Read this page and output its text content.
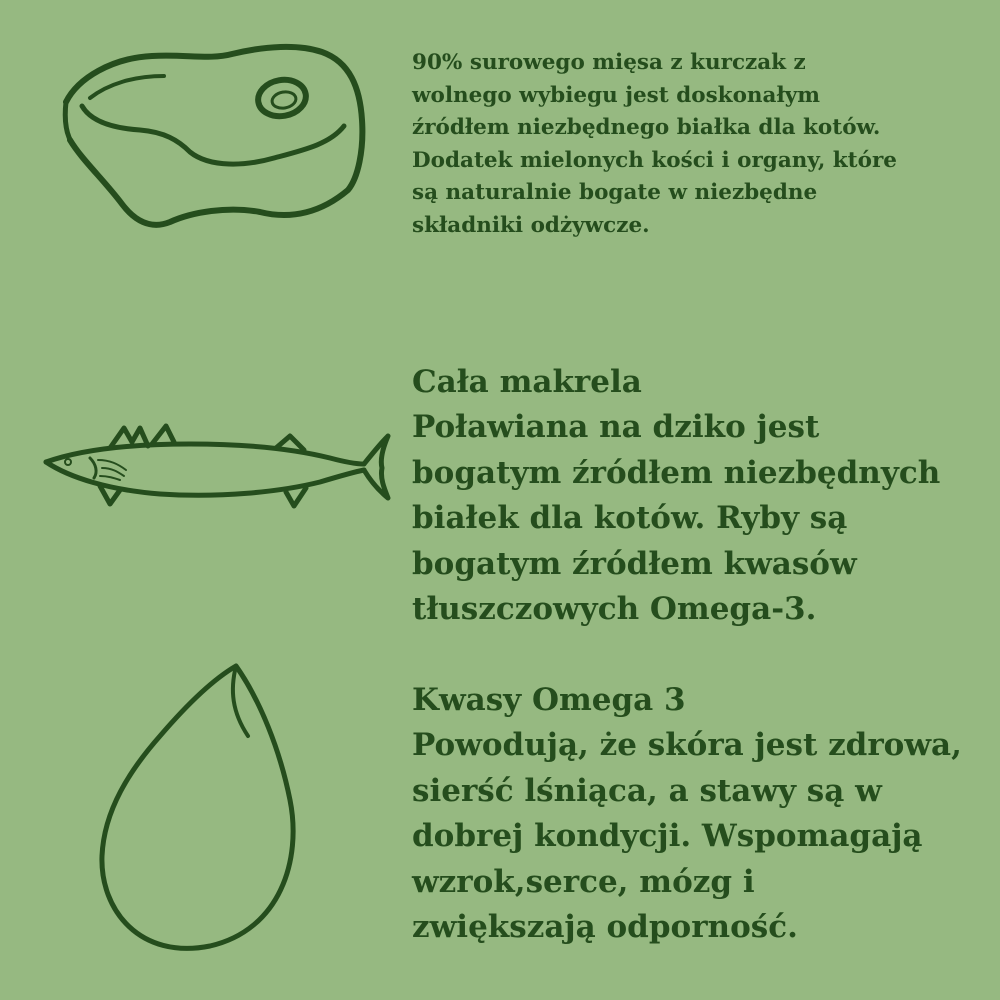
90% surowego mięsa z kurczak z

wolnego wybiegu jest doskonałym

źródłem niezbędnego białka dla kotów.

Dodatek mielonych kości i organy, które

są naturalnie bogate w niezbędne

składniki odżywcze.

Cała makrela

Poławiana na dziko jest

bogatym źródłem niezbędnych

białek dla kotów. Ryby są

bogatym źródłem kwasów

tłuszczowych Omega-3.

Kwasy Omega 3

Powodują, że skóra jest zdrowa,

sierść lśniąca, a stawy są w

dobrej kondycji. Wspomagają

wzrok,serce, mózg i

zwiększają odporność.
